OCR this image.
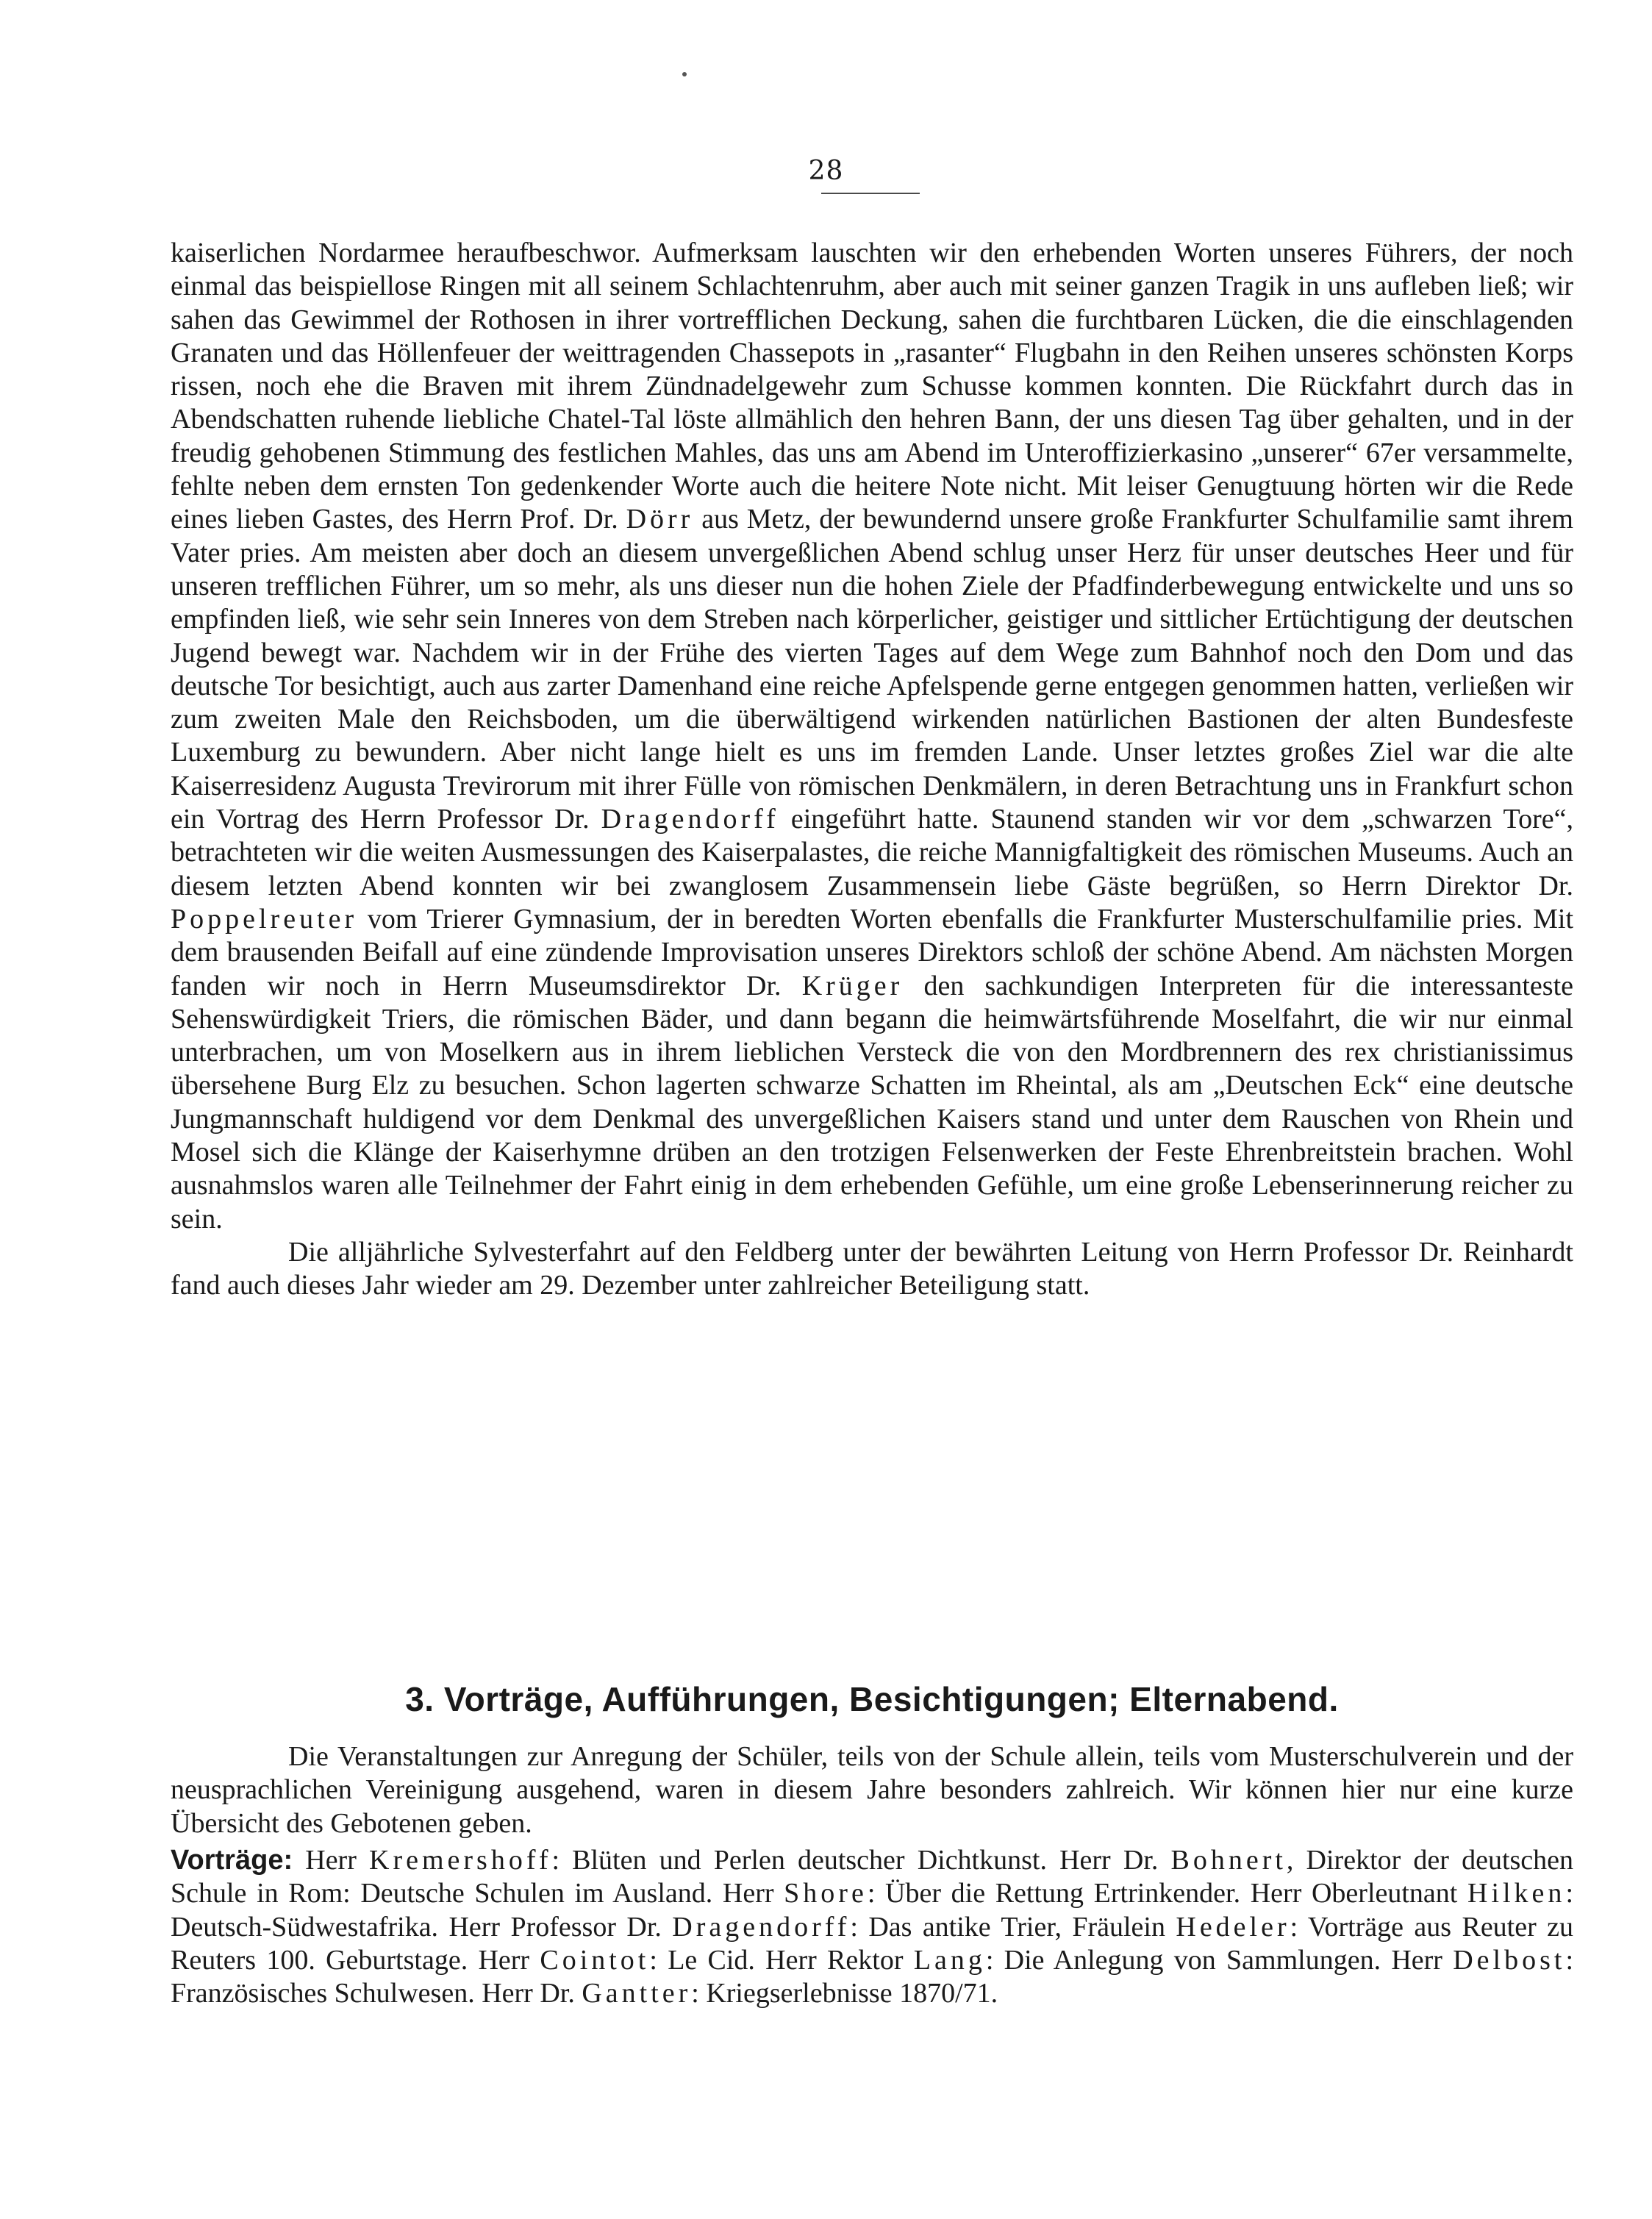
28

kaiserlichen Nordarmee heraufbeschwor. Aufmerksam lauschten wir den erhebenden Worten unseres Führers, der noch einmal das beispiellose Ringen mit all seinem Schlachtenruhm, aber auch mit seiner ganzen Tragik in uns aufleben ließ; wir sahen das Gewimmel der Rothosen in ihrer vortrefflichen Deckung, sahen die furchtbaren Lücken, die die einschlagenden Granaten und das Höllenfeuer der weittragenden Chassepots in „rasanter“ Flugbahn in den Reihen unseres schönsten Korps rissen, noch ehe die Braven mit ihrem Zündnadelgewehr zum Schusse kommen konnten. Die Rückfahrt durch das in Abendschatten ruhende liebliche Chatel-Tal löste allmählich den hehren Bann, der uns diesen Tag über gehalten, und in der freudig gehobenen Stimmung des festlichen Mahles, das uns am Abend im Unteroffizierkasino „unserer“ 67er versammelte, fehlte neben dem ernsten Ton gedenkender Worte auch die heitere Note nicht. Mit leiser Genugtuung hörten wir die Rede eines lieben Gastes, des Herrn Prof. Dr. Dörr aus Metz, der bewundernd unsere große Frankfurter Schulfamilie samt ihrem Vater pries. Am meisten aber doch an diesem unvergeßlichen Abend schlug unser Herz für unser deutsches Heer und für unseren trefflichen Führer, um so mehr, als uns dieser nun die hohen Ziele der Pfadfinderbewegung entwickelte und uns so empfinden ließ, wie sehr sein Inneres von dem Streben nach körperlicher, geistiger und sittlicher Ertüchtigung der deutschen Jugend bewegt war. Nachdem wir in der Frühe des vierten Tages auf dem Wege zum Bahnhof noch den Dom und das deutsche Tor besichtigt, auch aus zarter Damenhand eine reiche Apfelspende gerne entgegen genommen hatten, verließen wir zum zweiten Male den Reichsboden, um die überwältigend wirkenden natürlichen Bastionen der alten Bundesfeste Luxemburg zu bewundern. Aber nicht lange hielt es uns im fremden Lande. Unser letztes großes Ziel war die alte Kaiserresidenz Augusta Trevirorum mit ihrer Fülle von römischen Denkmälern, in deren Betrachtung uns in Frankfurt schon ein Vortrag des Herrn Professor Dr. Dragendorff eingeführt hatte. Staunend standen wir vor dem „schwarzen Tore“, betrachteten wir die weiten Ausmessungen des Kaiserpalastes, die reiche Mannigfaltigkeit des römischen Museums. Auch an diesem letzten Abend konnten wir bei zwanglosem Zusammensein liebe Gäste begrüßen, so Herrn Direktor Dr. Poppelreuter vom Trierer Gymnasium, der in beredten Worten ebenfalls die Frankfurter Musterschulfamilie pries. Mit dem brausenden Beifall auf eine zündende Improvisation unseres Direktors schloß der schöne Abend. Am nächsten Morgen fanden wir noch in Herrn Museumsdirektor Dr. Krüger den sachkundigen Interpreten für die interessanteste Sehenswürdigkeit Triers, die römischen Bäder, und dann begann die heimwärtsführende Moselfahrt, die wir nur einmal unterbrachen, um von Moselkern aus in ihrem lieblichen Versteck die von den Mordbrennern des rex christianissimus übersehene Burg Elz zu besuchen. Schon lagerten schwarze Schatten im Rheintal, als am „Deutschen Eck“ eine deutsche Jungmannschaft huldigend vor dem Denkmal des unvergeßlichen Kaisers stand und unter dem Rauschen von Rhein und Mosel sich die Klänge der Kaiserhymne drüben an den trotzigen Felsenwerken der Feste Ehrenbreitstein brachen. Wohl ausnahmslos waren alle Teilnehmer der Fahrt einig in dem erhebenden Gefühle, um eine große Lebenserinnerung reicher zu sein.

Die alljährliche Sylvesterfahrt auf den Feldberg unter der bewährten Leitung von Herrn Professor Dr. Reinhardt fand auch dieses Jahr wieder am 29. Dezember unter zahlreicher Beteiligung statt.

3. Vorträge, Aufführungen, Besichtigungen; Elternabend.

Die Veranstaltungen zur Anregung der Schüler, teils von der Schule allein, teils vom Musterschulverein und der neusprachlichen Vereinigung ausgehend, waren in diesem Jahre besonders zahlreich. Wir können hier nur eine kurze Übersicht des Gebotenen geben.

Vorträge: Herr Kremershoff: Blüten und Perlen deutscher Dichtkunst. Herr Dr. Bohnert, Direktor der deutschen Schule in Rom: Deutsche Schulen im Ausland. Herr Shore: Über die Rettung Ertrinkender. Herr Oberleutnant Hilken: Deutsch-Südwestafrika. Herr Professor Dr. Dragendorff: Das antike Trier, Fräulein Hedeler: Vorträge aus Reuter zu Reuters 100. Geburtstage. Herr Cointot: Le Cid. Herr Rektor Lang: Die Anlegung von Sammlungen. Herr Delbost: Französisches Schulwesen. Herr Dr. Gantter: Kriegserlebnisse 1870/71.
